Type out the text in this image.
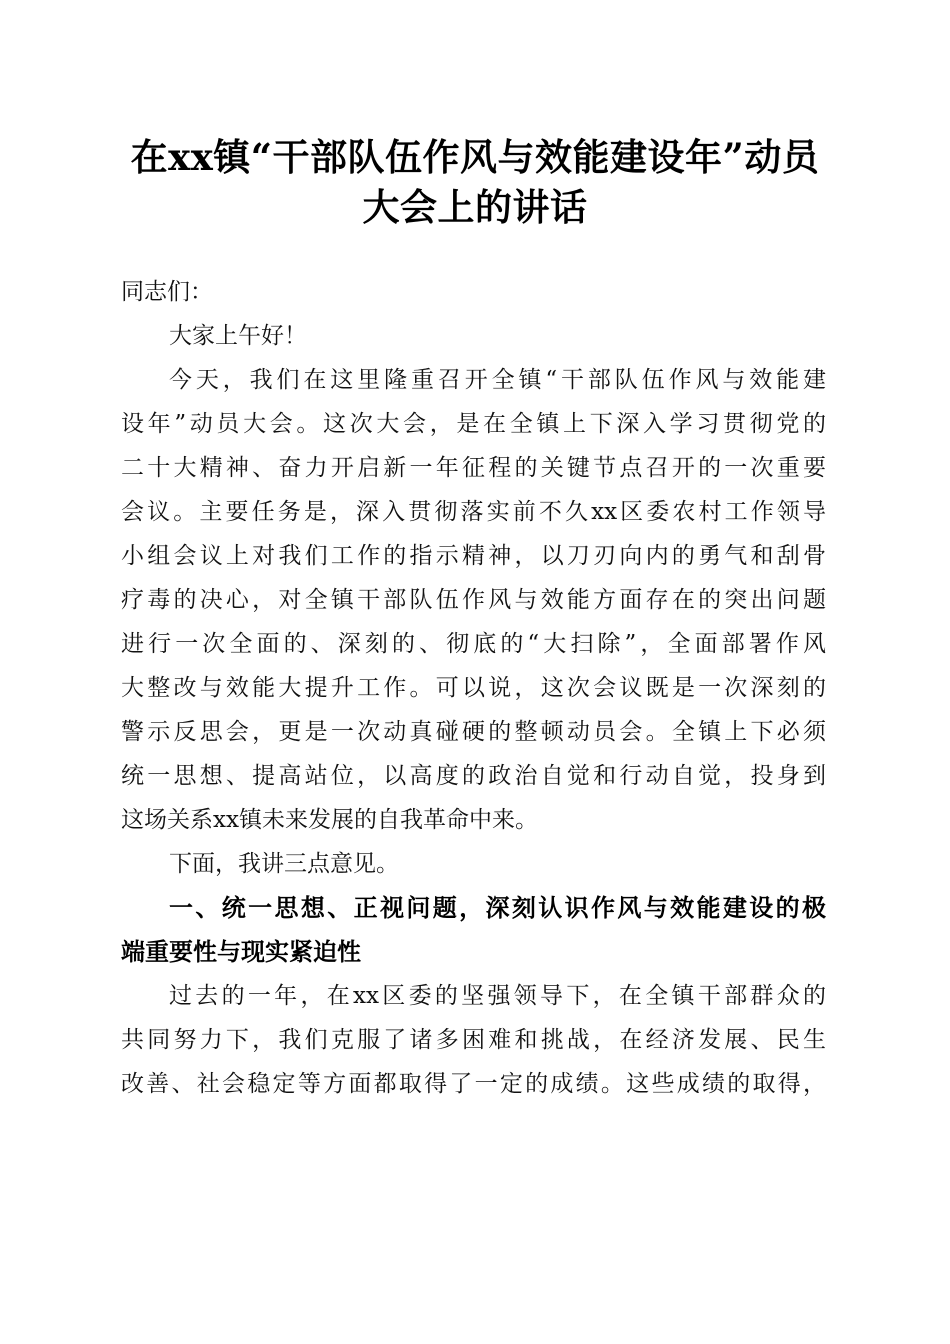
在xx镇“干部队伍作风与效能建设年”动员
大会上的讲话
同志们：
大家上午好！
今天，我们在这里隆重召开全镇“干部队伍作风与效能建
设年”动员大会。这次大会，是在全镇上下深入学习贯彻党的
二十大精神、奋力开启新一年征程的关键节点召开的一次重要
会议。主要任务是，深入贯彻落实前不久xx区委农村工作领导
小组会议上对我们工作的指示精神，以刀刃向内的勇气和刮骨
疗毒的决心，对全镇干部队伍作风与效能方面存在的突出问题
进行一次全面的、深刻的、彻底的“大扫除”，全面部署作风
大整改与效能大提升工作。可以说，这次会议既是一次深刻的
警示反思会，更是一次动真碰硬的整顿动员会。全镇上下必须
统一思想、提高站位，以高度的政治自觉和行动自觉，投身到
这场关系xx镇未来发展的自我革命中来。
下面，我讲三点意见。
一、统一思想、正视问题，深刻认识作风与效能建设的极
端重要性与现实紧迫性
过去的一年，在xx区委的坚强领导下，在全镇干部群众的
共同努力下，我们克服了诸多困难和挑战，在经济发展、民生
改善、社会稳定等方面都取得了一定的成绩。这些成绩的取得，
